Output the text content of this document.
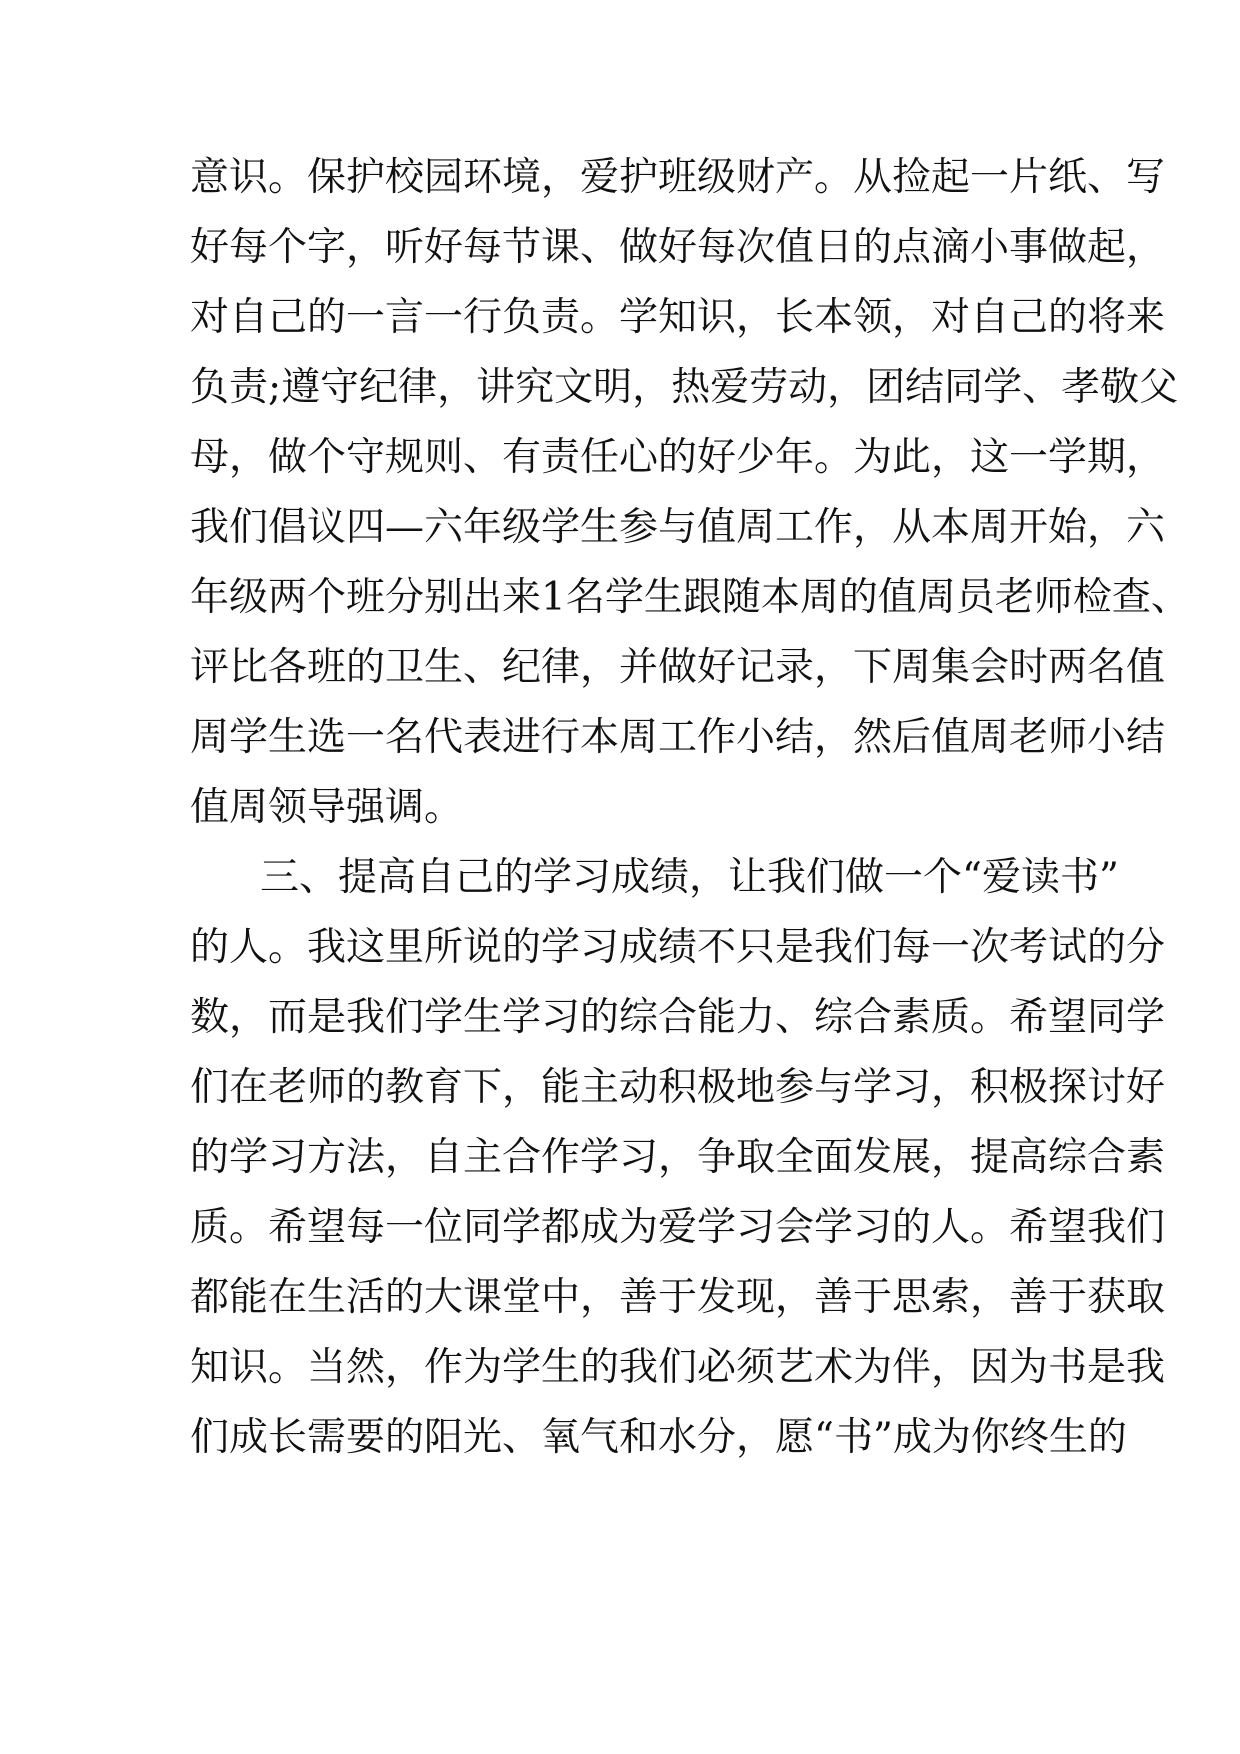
意识。保护校园环境，爱护班级财产。从捡起一片纸、写
好每个字，听好每节课、做好每次值日的点滴小事做起，
对自己的一言一行负责。学知识，长本领，对自己的将来
负责;遵守纪律，讲究文明，热爱劳动，团结同学、孝敬父
母，做个守规则、有责任心的好少年。为此，这一学期，
我们倡议四—六年级学生参与值周工作，从本周开始，六
年级两个班分别出来1名学生跟随本周的值周员老师检查、
评比各班的卫生、纪律，并做好记录，下周集会时两名值
周学生选一名代表进行本周工作小结，然后值周老师小结
值周领导强调。
三、提高自己的学习成绩，让我们做一个“爱读书”
的人。我这里所说的学习成绩不只是我们每一次考试的分
数，而是我们学生学习的综合能力、综合素质。希望同学
们在老师的教育下，能主动积极地参与学习，积极探讨好
的学习方法，自主合作学习，争取全面发展，提高综合素
质。希望每一位同学都成为爱学习会学习的人。希望我们
都能在生活的大课堂中，善于发现，善于思索，善于获取
知识。当然，作为学生的我们必须艺术为伴，因为书是我
们成长需要的阳光、氧气和水分，愿“书”成为你终生的
